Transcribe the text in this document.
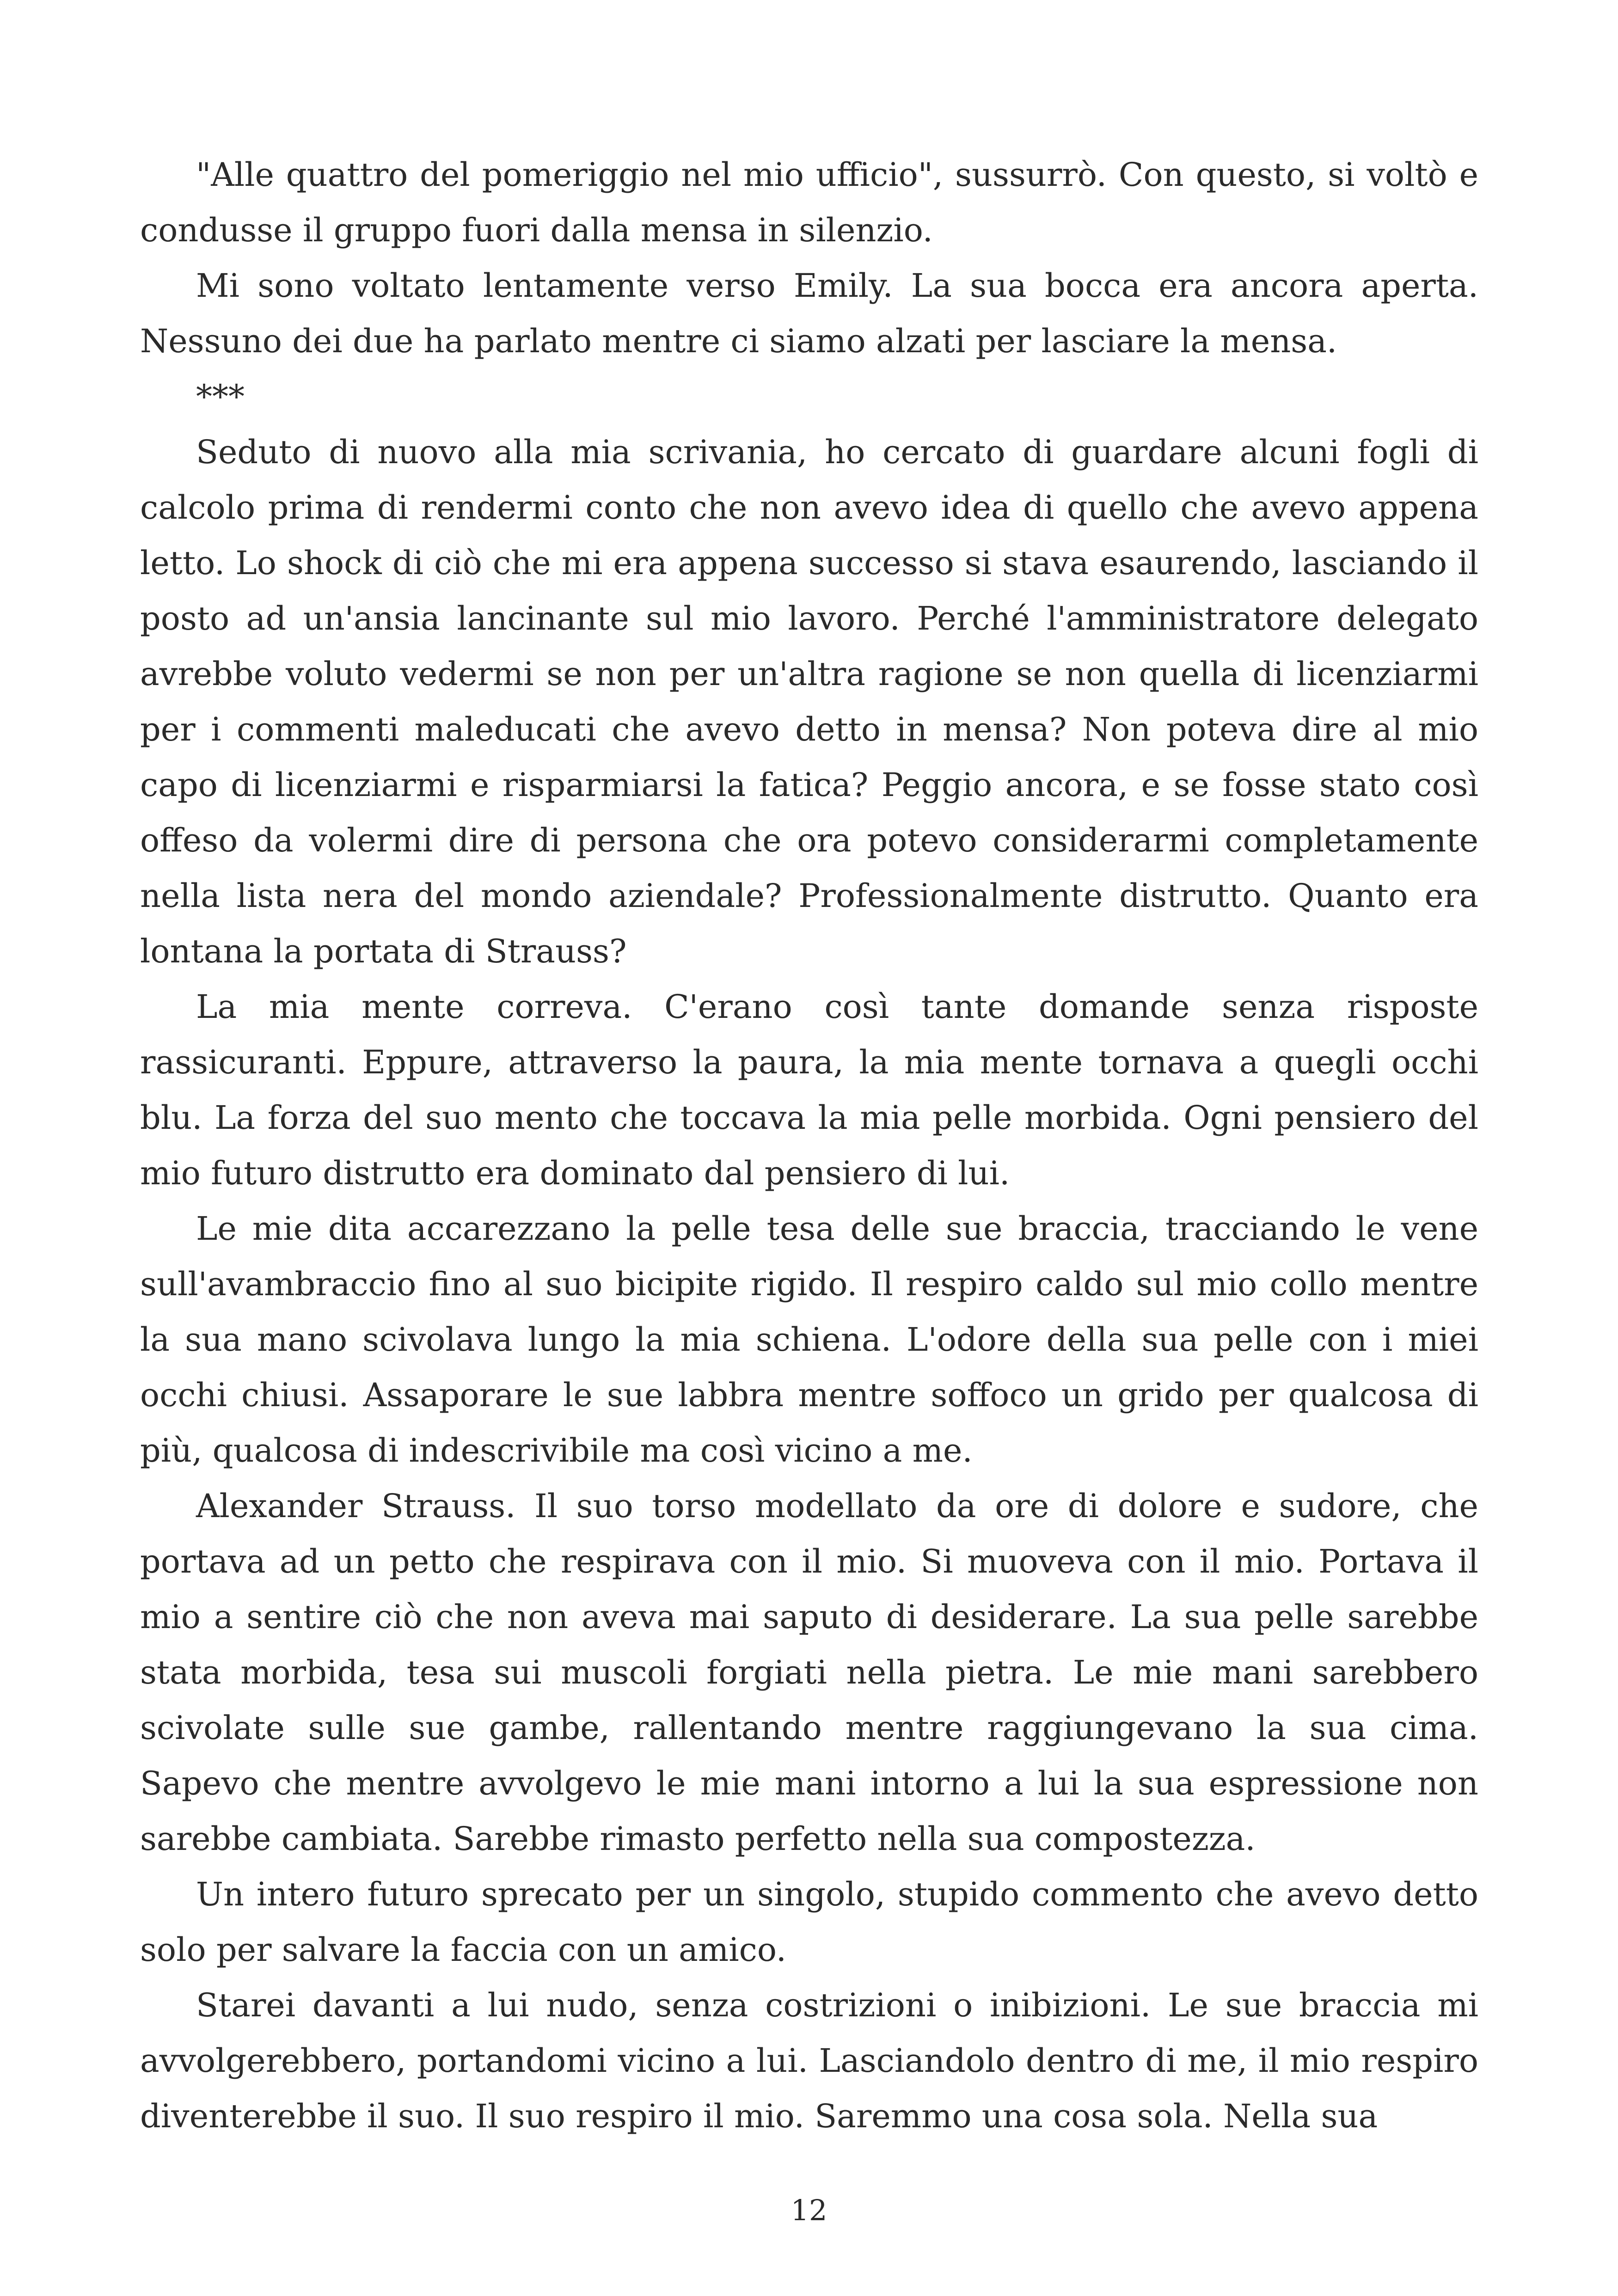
"Alle quattro del pomeriggio nel mio ufficio", sussurrò. Con questo, si voltò e condusse il gruppo fuori dalla mensa in silenzio.

Mi sono voltato lentamente verso Emily. La sua bocca era ancora aperta. Nessuno dei due ha parlato mentre ci siamo alzati per lasciare la mensa.

***

Seduto di nuovo alla mia scrivania, ho cercato di guardare alcuni fogli di calcolo prima di rendermi conto che non avevo idea di quello che avevo appena letto. Lo shock di ciò che mi era appena successo si stava esaurendo, lasciando il posto ad un'ansia lancinante sul mio lavoro. Perché l'amministratore delegato avrebbe voluto vedermi se non per un'altra ragione se non quella di licenziarmi per i commenti maleducati che avevo detto in mensa? Non poteva dire al mio capo di licenziarmi e risparmiarsi la fatica? Peggio ancora, e se fosse stato così offeso da volermi dire di persona che ora potevo considerarmi completamente nella lista nera del mondo aziendale? Professionalmente distrutto. Quanto era lontana la portata di Strauss?

La mia mente correva. C'erano così tante domande senza risposte rassicuranti. Eppure, attraverso la paura, la mia mente tornava a quegli occhi blu. La forza del suo mento che toccava la mia pelle morbida. Ogni pensiero del mio futuro distrutto era dominato dal pensiero di lui.

Le mie dita accarezzano la pelle tesa delle sue braccia, tracciando le vene sull'avambraccio fino al suo bicipite rigido. Il respiro caldo sul mio collo mentre la sua mano scivolava lungo la mia schiena. L'odore della sua pelle con i miei occhi chiusi. Assaporare le sue labbra mentre soffoco un grido per qualcosa di più, qualcosa di indescrivibile ma così vicino a me.

Alexander Strauss. Il suo torso modellato da ore di dolore e sudore, che portava ad un petto che respirava con il mio. Si muoveva con il mio. Portava il mio a sentire ciò che non aveva mai saputo di desiderare. La sua pelle sarebbe stata morbida, tesa sui muscoli forgiati nella pietra. Le mie mani sarebbero scivolate sulle sue gambe, rallentando mentre raggiungevano la sua cima. Sapevo che mentre avvolgevo le mie mani intorno a lui la sua espressione non sarebbe cambiata. Sarebbe rimasto perfetto nella sua compostezza.

Un intero futuro sprecato per un singolo, stupido commento che avevo detto solo per salvare la faccia con un amico.

Starei davanti a lui nudo, senza costrizioni o inibizioni. Le sue braccia mi avvolgerebbero, portandomi vicino a lui. Lasciandolo dentro di me, il mio respiro diventerebbe il suo. Il suo respiro il mio. Saremmo una cosa sola. Nella sua

12
